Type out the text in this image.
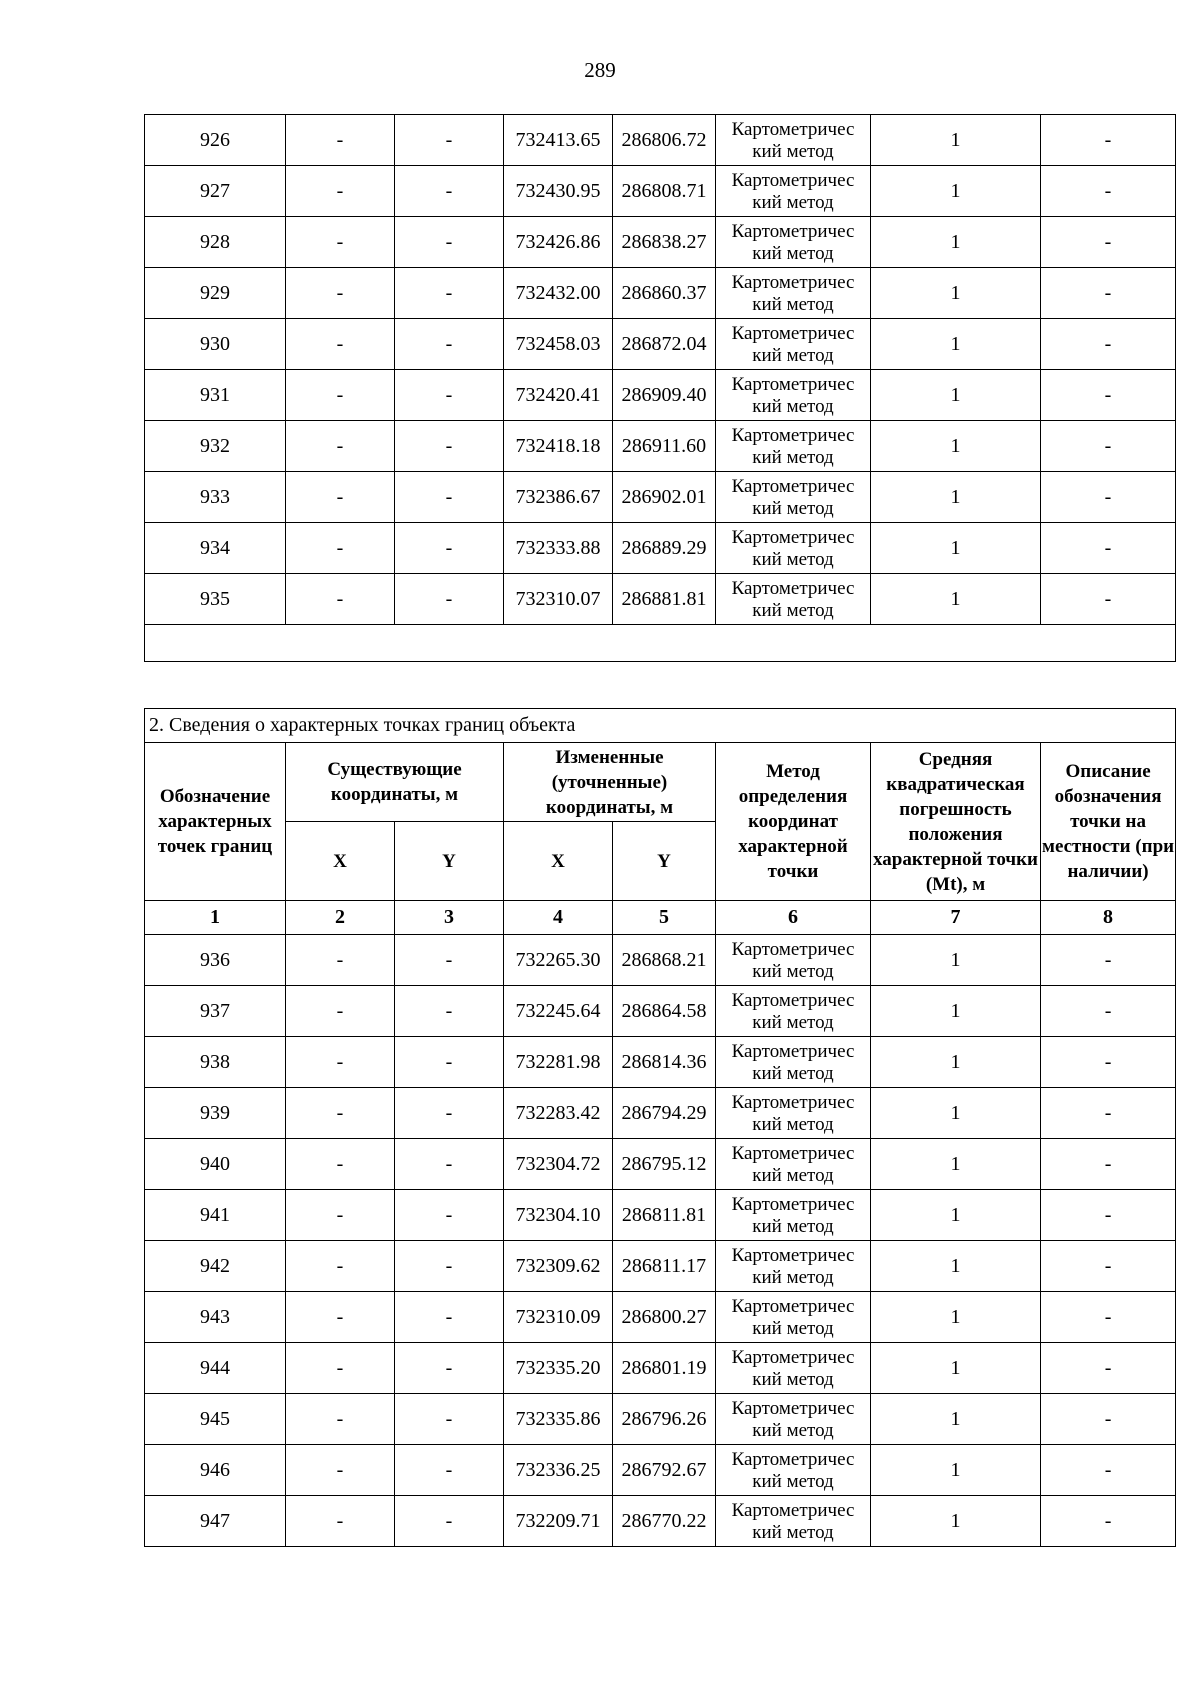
289
926	-	-	732413.65	286806.72	Картометричес кий метод	1	-
927	-	-	732430.95	286808.71	Картометричес кий метод	1	-
928	-	-	732426.86	286838.27	Картометричес кий метод	1	-
929	-	-	732432.00	286860.37	Картометричес кий метод	1	-
930	-	-	732458.03	286872.04	Картометричес кий метод	1	-
931	-	-	732420.41	286909.40	Картометричес кий метод	1	-
932	-	-	732418.18	286911.60	Картометричес кий метод	1	-
933	-	-	732386.67	286902.01	Картометричес кий метод	1	-
934	-	-	732333.88	286889.29	Картометричес кий метод	1	-
935	-	-	732310.07	286881.81	Картометричес кий метод	1	-

2. Сведения о характерных точках границ объекта							
Обозначение характерных точек границ	Существующие координаты, м		Измененные (уточненные) координаты, м		Метод определения координат характерной точки	Средняя квадратическая погрешность положения характерной точки (Mt), м	Описание обозначения точки на местности (при наличии)
	X	Y	X	Y			
1	2	3	4	5	6	7	8
936	-	-	732265.30	286868.21	Картометричес кий метод	1	-
937	-	-	732245.64	286864.58	Картометричес кий метод	1	-
938	-	-	732281.98	286814.36	Картометричес кий метод	1	-
939	-	-	732283.42	286794.29	Картометричес кий метод	1	-
940	-	-	732304.72	286795.12	Картометричес кий метод	1	-
941	-	-	732304.10	286811.81	Картометричес кий метод	1	-
942	-	-	732309.62	286811.17	Картометричес кий метод	1	-
943	-	-	732310.09	286800.27	Картометричес кий метод	1	-
944	-	-	732335.20	286801.19	Картометричес кий метод	1	-
945	-	-	732335.86	286796.26	Картометричес кий метод	1	-
946	-	-	732336.25	286792.67	Картометричес кий метод	1	-
947	-	-	732209.71	286770.22	Картометричес кий метод	1	-
